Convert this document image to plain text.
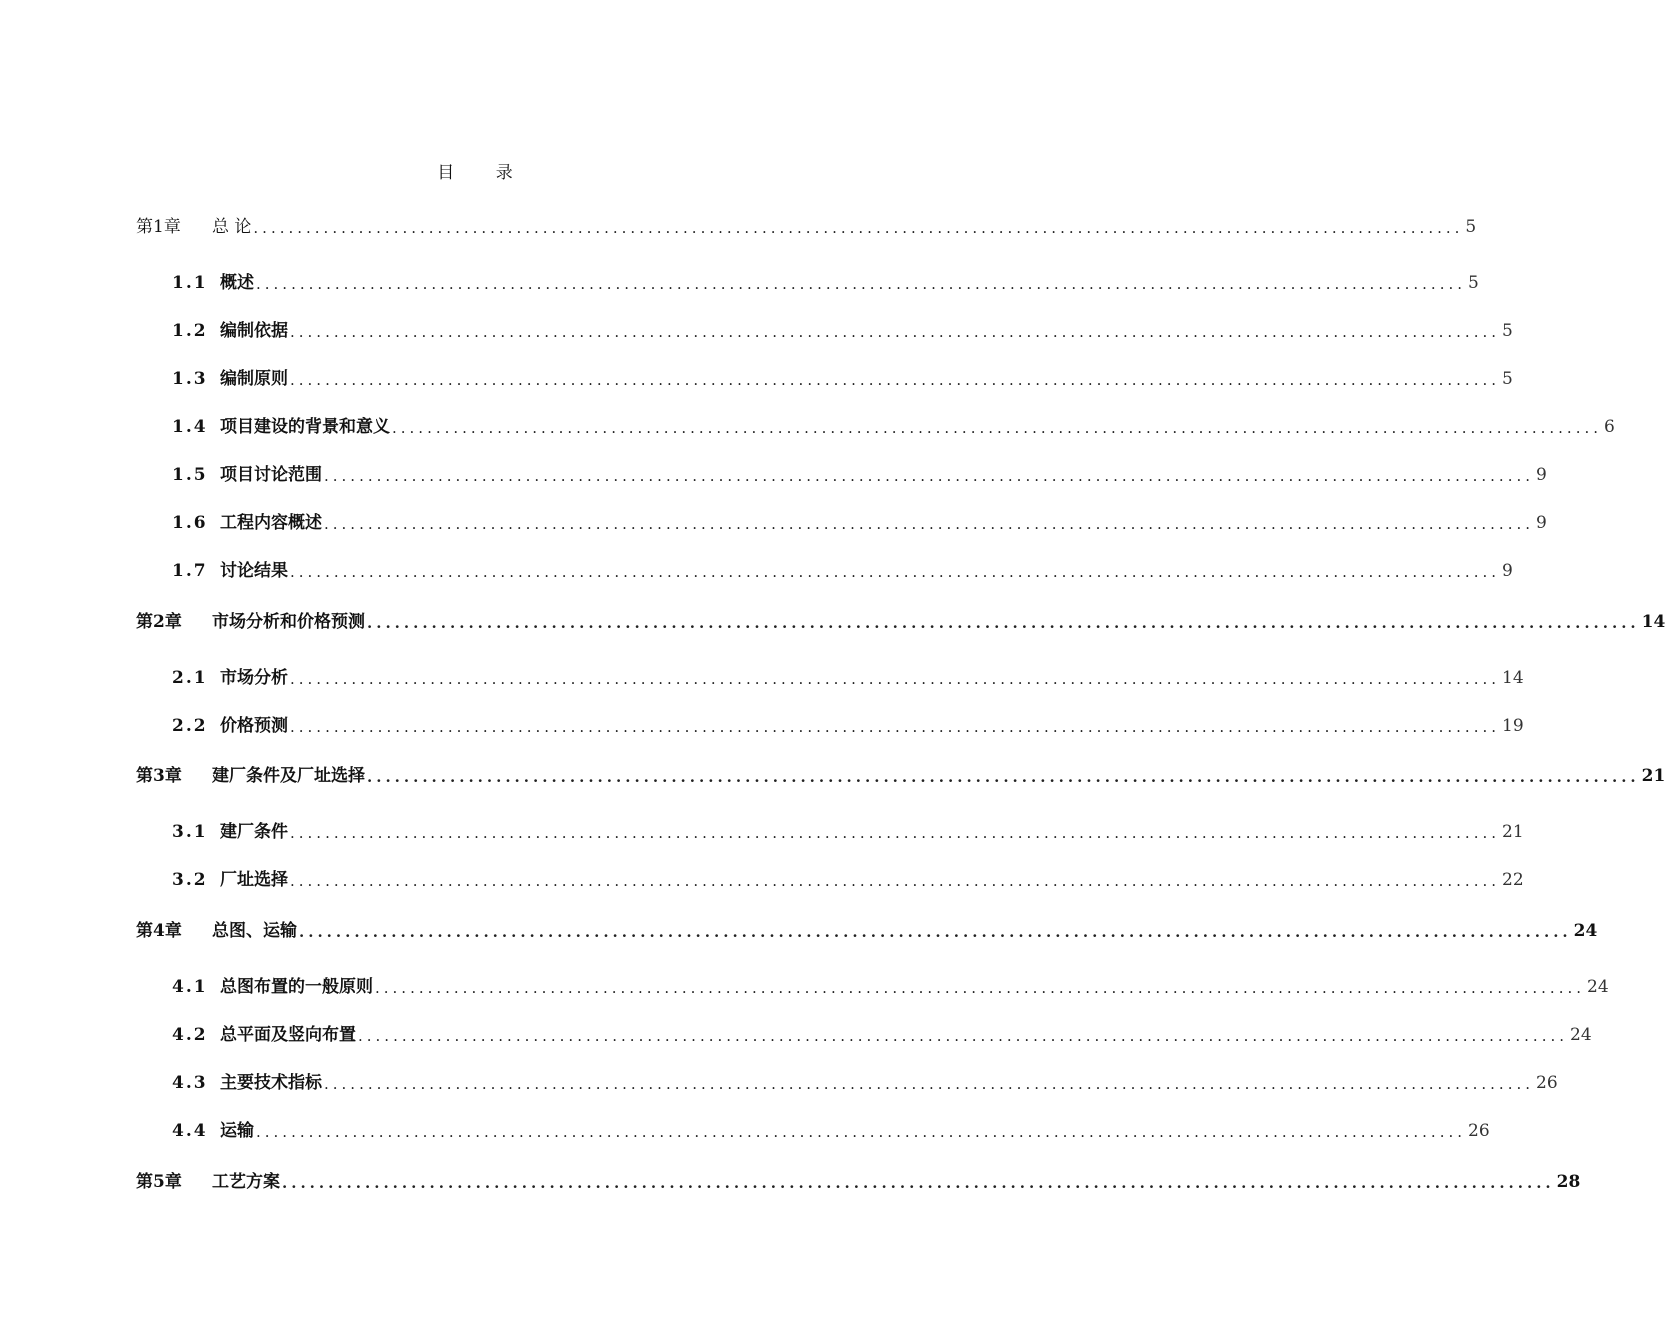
目 录
第1章	总 论 .......................................................................................................................................... 5
1.1 概述 .......................................................................................................................................... 5
1.2 编制依据 .......................................................................................................................................... 5
1.3 编制原则 .......................................................................................................................................... 5
1.4 项目建设的背景和意义 .......................................................................................................................................... 6
1.5 项目讨论范围 .......................................................................................................................................... 9
1.6 工程内容概述 .......................................................................................................................................... 9
1.7 讨论结果 .......................................................................................................................................... 9
第2章	市场分析和价格预测 .......................................................................................................................................... 14
2.1 市场分析 .......................................................................................................................................... 14
2.2 价格预测 .......................................................................................................................................... 19
第3章	建厂条件及厂址选择 .......................................................................................................................................... 21
3.1 建厂条件 .......................................................................................................................................... 21
3.2 厂址选择 .......................................................................................................................................... 22
第4章	总图、运输 .......................................................................................................................................... 24
4.1 总图布置的一般原则 .......................................................................................................................................... 24
4.2 总平面及竖向布置 .......................................................................................................................................... 24
4.3 主要技术指标 .......................................................................................................................................... 26
4.4 运输 .......................................................................................................................................... 26
第5章	工艺方案 .......................................................................................................................................... 28
